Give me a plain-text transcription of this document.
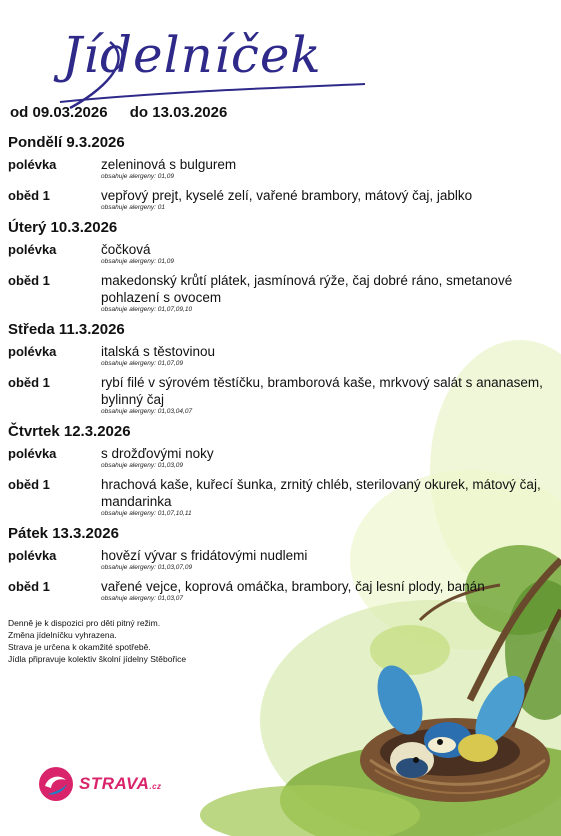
Jídelníček
od 09.03.2026 do 13.03.2026
Pondělí 9.3.2026
polévka	zeleninová s bulgurem
obsahuje alergeny: 01,09
oběd 1	vepřový prejt, kyselé zelí, vařené brambory, mátový čaj, jablko
obsahuje alergeny: 01
Úterý 10.3.2026
polévka	čočková
obsahuje alergeny: 01,09
oběd 1	makedonský krůtí plátek, jasmínová rýže, čaj dobré ráno, smetanové pohlazení s ovocem
obsahuje alergeny: 01,07,09,10
Středa 11.3.2026
polévka	italská s těstovinou
obsahuje alergeny: 01,07,09
oběd 1	rybí filé v sýrovém těstíčku, bramborová kaše, mrkvový salát s ananasem, bylinný čaj
obsahuje alergeny: 01,03,04,07
Čtvrtek 12.3.2026
polévka	s drožďovými noky
obsahuje alergeny: 01,03,09
oběd 1	hrachová kaše, kuřecí šunka, zrnitý chléb, sterilovaný okurek, mátový čaj, mandarinka
obsahuje alergeny: 01,07,10,11
Pátek 13.3.2026
polévka	hovězí vývar s fridátovými nudlemi
obsahuje alergeny: 01,03,07,09
oběd 1	vařené vejce, koprová omáčka, brambory, čaj lesní plody, banán
obsahuje alergeny: 01,03,07
Denně je k dispozici pro děti pitný režim.
Změna jídelníčku vyhrazena.
Strava je určena k okamžité spotřebě.
Jídla připravuje kolektiv školní jídelny Stěbořice
STRAVA.cz
